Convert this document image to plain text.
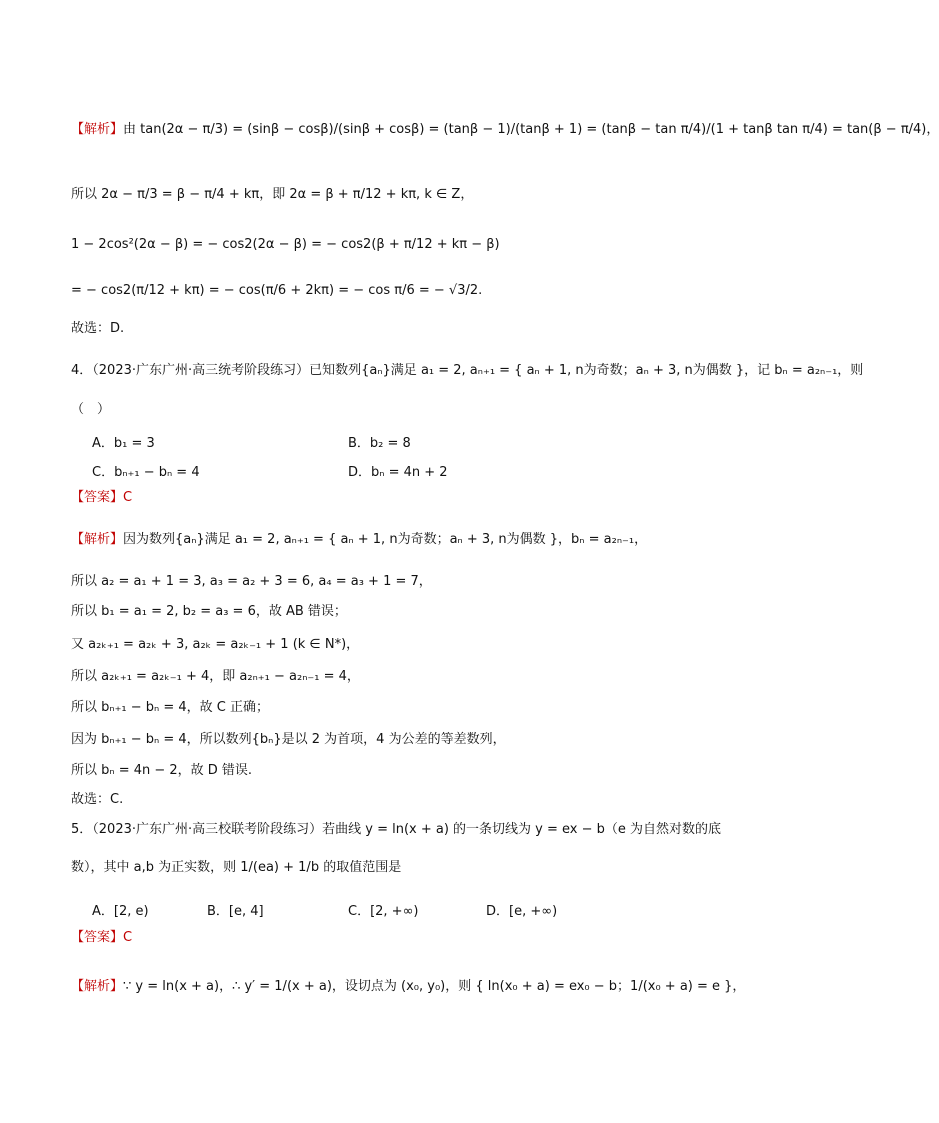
【解析】由 tan(2α − π/3) = (sinβ − cosβ)/(sinβ + cosβ) = (tanβ − 1)/(tanβ + 1) = (tanβ − tan π/4)/(1 + tanβ tan π/4) = tan(β − π/4)，
所以 2α − π/3 = β − π/4 + kπ，即 2α = β + π/12 + kπ, k ∈ Z，
1 − 2cos²(2α − β) = − cos2(2α − β) = − cos2(β + π/12 + kπ − β)
= − cos2(π/12 + kπ) = − cos(π/6 + 2kπ) = − cos π/6 = − √3/2.
故选：D.
4．（2023·广东广州·高三统考阶段练习）已知数列{aₙ}满足 a₁ = 2, aₙ₊₁ = { aₙ + 1, n为奇数；aₙ + 3, n为偶数 }，记 bₙ = a₂ₙ₋₁，则
（　）
A．b₁ = 3	B．b₂ = 8
C．bₙ₊₁ − bₙ = 4	D．bₙ = 4n + 2
【答案】C
【解析】因为数列{aₙ}满足 a₁ = 2, aₙ₊₁ = { aₙ + 1, n为奇数；aₙ + 3, n为偶数 }，bₙ = a₂ₙ₋₁，
所以 a₂ = a₁ + 1 = 3, a₃ = a₂ + 3 = 6, a₄ = a₃ + 1 = 7，
所以 b₁ = a₁ = 2, b₂ = a₃ = 6，故 AB 错误；
又 a₂ₖ₊₁ = a₂ₖ + 3, a₂ₖ = a₂ₖ₋₁ + 1 (k ∈ N*)，
所以 a₂ₖ₊₁ = a₂ₖ₋₁ + 4，即 a₂ₙ₊₁ − a₂ₙ₋₁ = 4，
所以 bₙ₊₁ − bₙ = 4，故 C 正确；
因为 bₙ₊₁ − bₙ = 4，所以数列{bₙ}是以 2 为首项，4 为公差的等差数列，
所以 bₙ = 4n − 2，故 D 错误.
故选：C.
5．（2023·广东广州·高三校联考阶段练习）若曲线 y = ln(x + a) 的一条切线为 y = ex − b（e 为自然对数的底
数），其中 a,b 为正实数，则 1/(ea) + 1/b 的取值范围是
A．[2, e)	B．[e, 4]	C．[2, +∞)	D．[e, +∞)
【答案】C
【解析】∵ y = ln(x + a)，∴ y′ = 1/(x + a)，设切点为 (x₀, y₀)，则 { ln(x₀ + a) = ex₀ − b；1/(x₀ + a) = e }，
